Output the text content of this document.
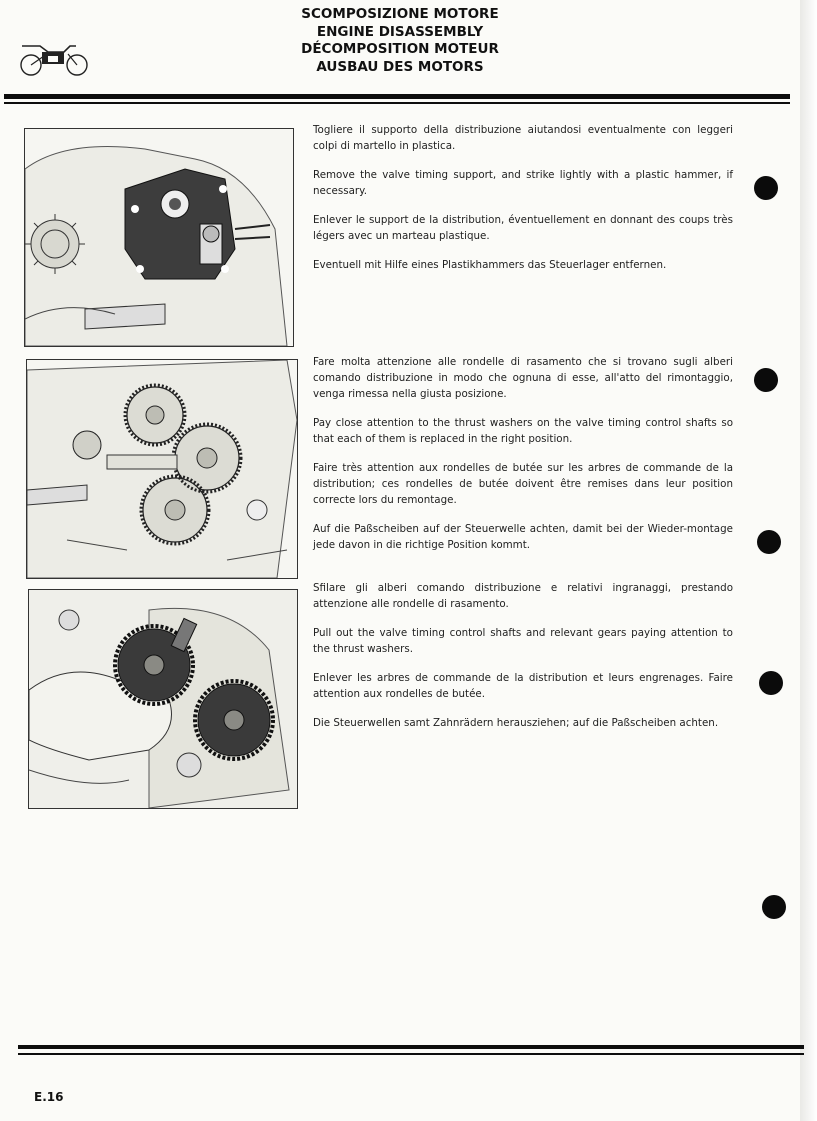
SCOMPOSIZIONE MOTORE
ENGINE DISASSEMBLY
DÉCOMPOSITION MOTEUR
AUSBAU DES MOTORS

Togliere il supporto della distribuzione aiutandosi eventualmente con leggeri colpi di martello in plastica.

Remove the valve timing support, and strike lightly with a plastic hammer, if necessary.

Enlever le support de la distribution, éventuellement en donnant des coups très légers avec un marteau plastique.

Eventuell mit Hilfe eines Plastikhammers das Steuerlager entfernen.

Fare molta attenzione alle rondelle di rasamento che si trovano sugli alberi comando distribuzione in modo che ognuna di esse, all'atto del rimontaggio, venga rimessa nella giusta posizione.

Pay close attention to the thrust washers on the valve timing control shafts so that each of them is replaced in the right position.

Faire très attention aux rondelles de butée sur les arbres de commande de la distribution; ces rondelles de butée doivent être remises dans leur position correcte lors du remontage.

Auf die Paßscheiben auf der Steuerwelle achten, damit bei der Wieder-montage jede davon in die richtige Position kommt.

Sfilare gli alberi comando distribuzione e relativi ingranaggi, prestando attenzione alle rondelle di rasamento.

Pull out the valve timing control shafts and relevant gears paying attention to the thrust washers.

Enlever les arbres de commande de la distribution et leurs engrenages. Faire attention aux rondelles de butée.

Die Steuerwellen samt Zahnrädern herausziehen; auf die Paßscheiben achten.

E.16
